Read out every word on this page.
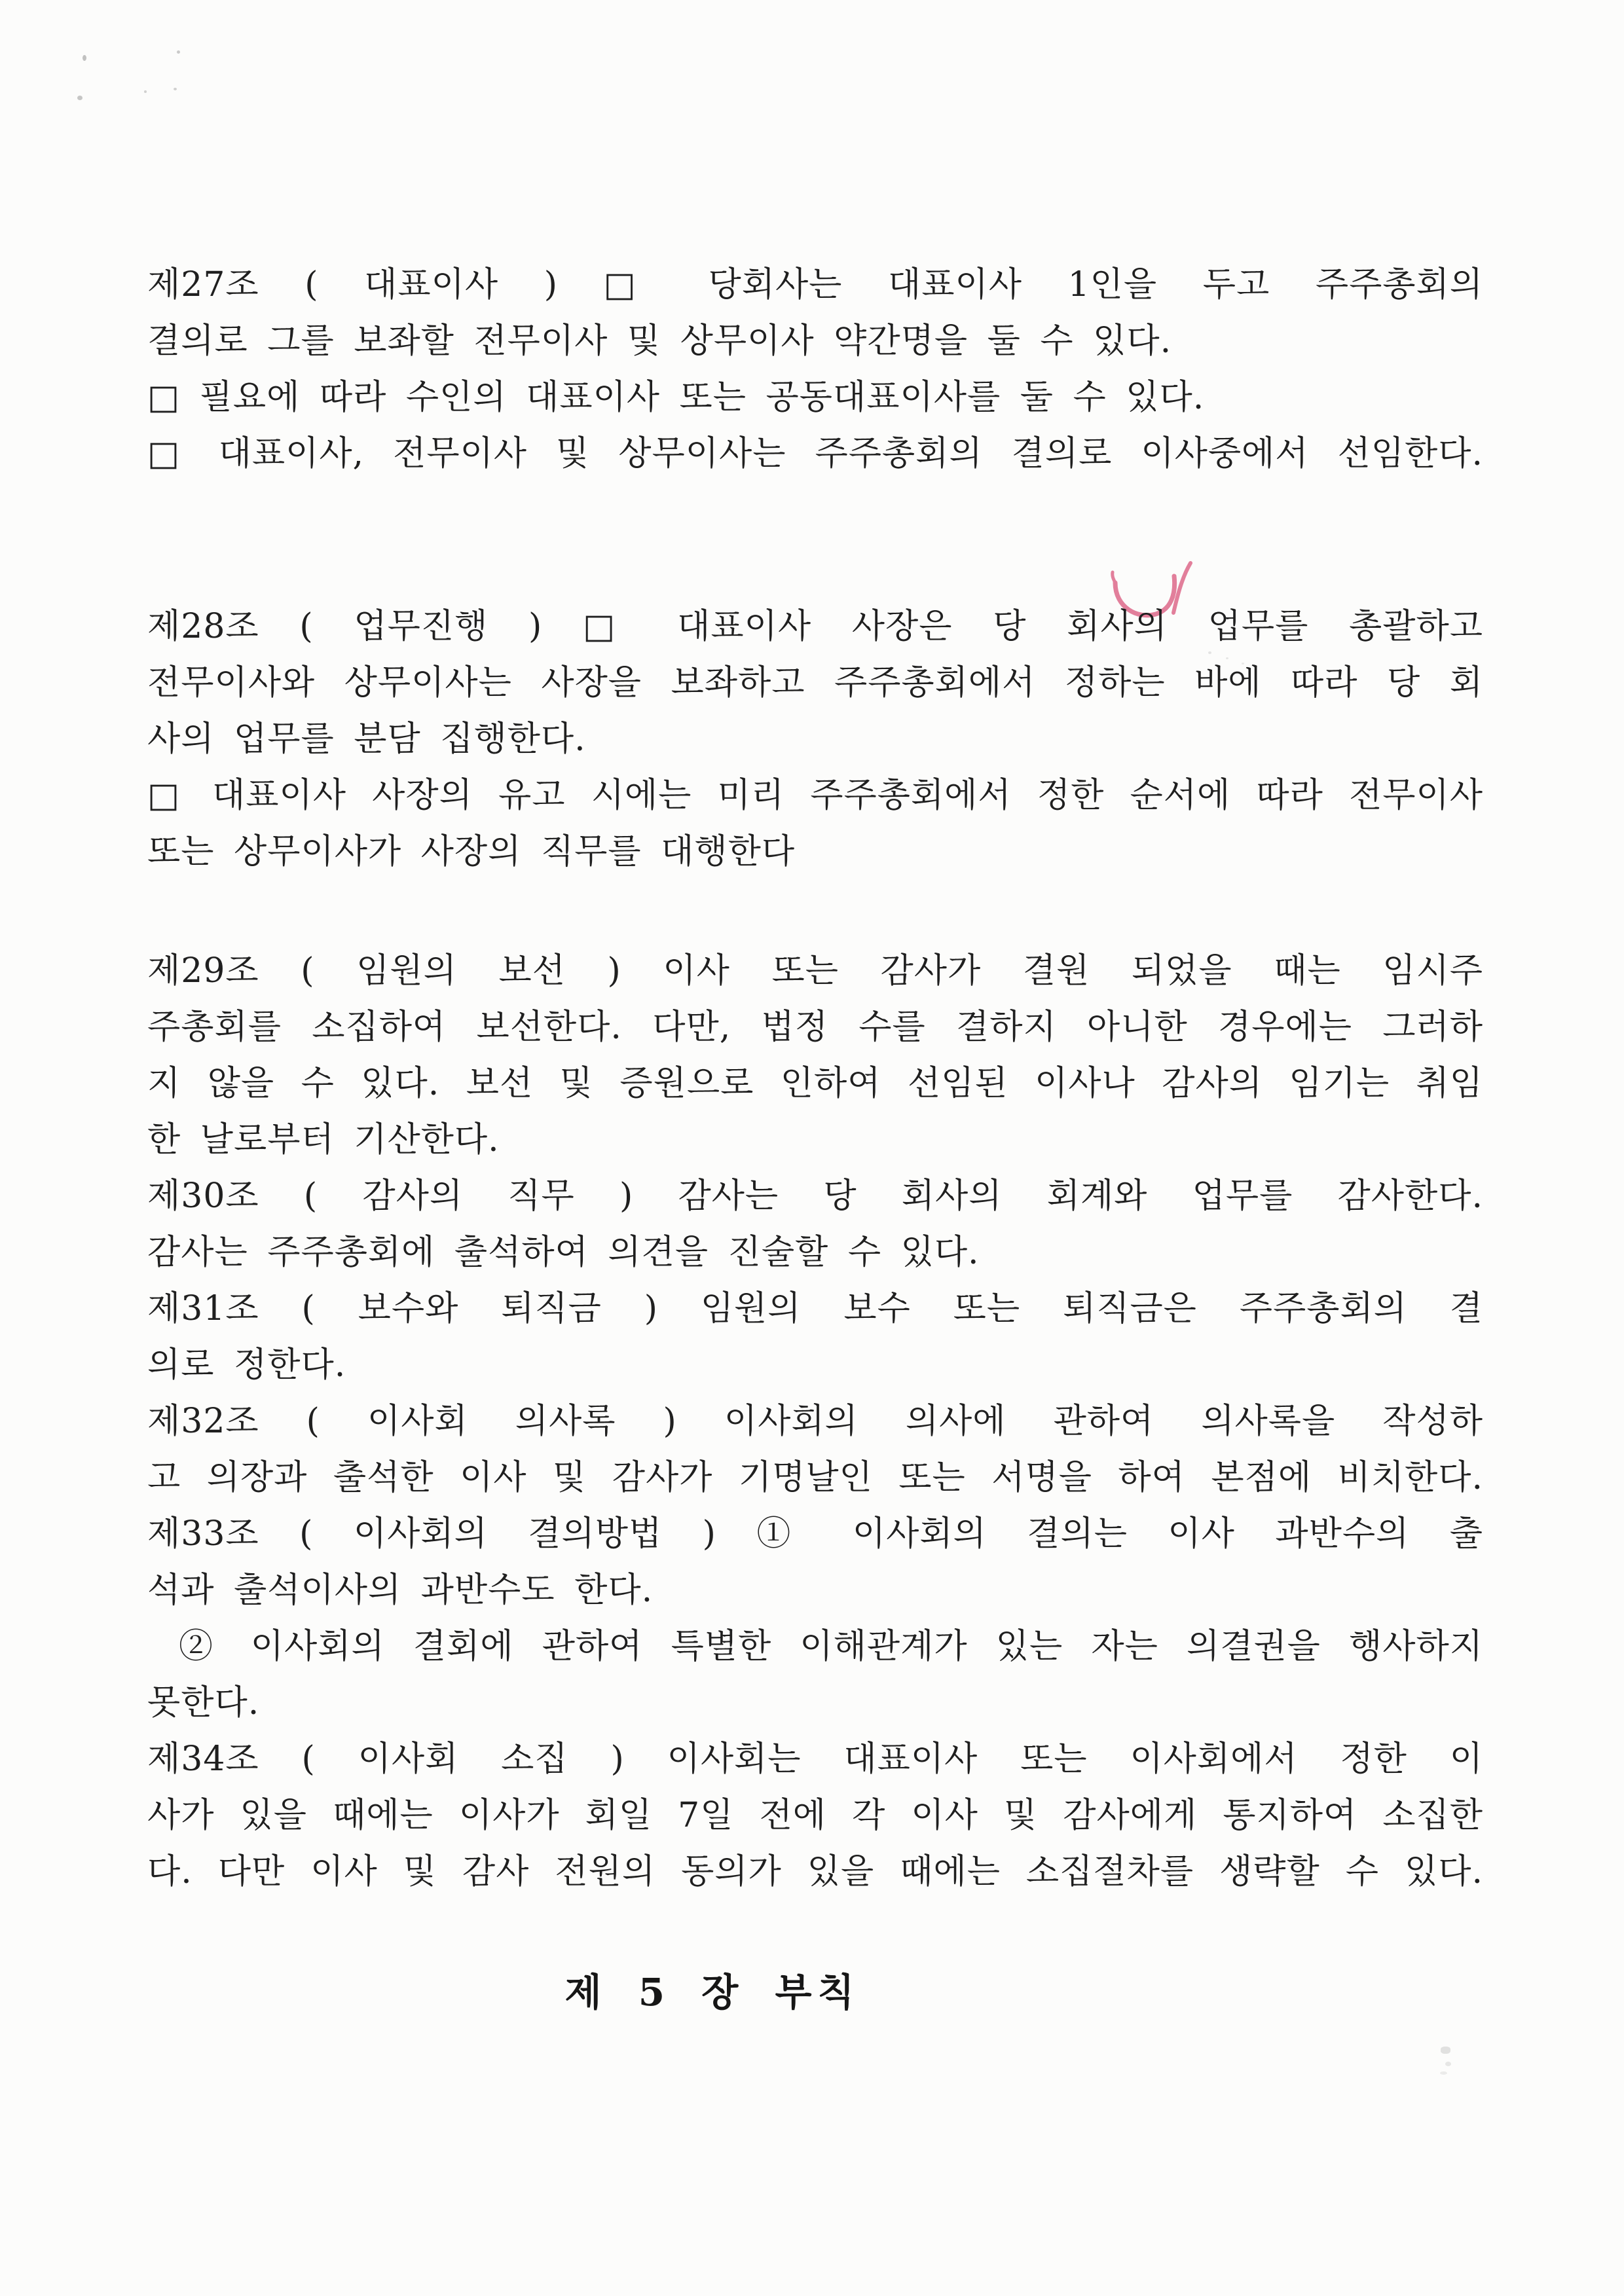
제27조 ( 대표이사 ) □ 당회사는 대표이사 1인을 두고 주주총회의
결의로 그를 보좌할 전무이사 및 상무이사 약간명을 둘 수 있다.
□ 필요에 따라 수인의 대표이사 또는 공동대표이사를 둘 수 있다.
□ 대표이사, 전무이사 및 상무이사는 주주총회의 결의로 이사중에서 선임한다.
제28조 ( 업무진행 ) □ 대표이사 사장은 당 회사의 업무를 총괄하고
전무이사와 상무이사는 사장을 보좌하고 주주총회에서 정하는 바에 따라 당 회
사의 업무를 분담 집행한다.
□ 대표이사 사장의 유고 시에는 미리 주주총회에서 정한 순서에 따라 전무이사
또는 상무이사가 사장의 직무를 대행한다
제29조 ( 임원의 보선 ) 이사 또는 감사가 결원 되었을 때는 임시주
주총회를 소집하여 보선한다. 다만, 법정 수를 결하지 아니한 경우에는 그러하
지 않을 수 있다. 보선 및 증원으로 인하여 선임된 이사나 감사의 임기는 취임
한 날로부터 기산한다.
제30조 ( 감사의 직무 ) 감사는 당 회사의 회계와 업무를 감사한다.
감사는 주주총회에 출석하여 의견을 진술할 수 있다.
제31조 ( 보수와 퇴직금 ) 임원의 보수 또는 퇴직금은 주주총회의 결
의로 정한다.
제32조 ( 이사회 의사록 ) 이사회의 의사에 관하여 의사록을 작성하
고 의장과 출석한 이사 및 감사가 기명날인 또는 서명을 하여 본점에 비치한다.
제33조 ( 이사회의 결의방법 ) ① 이사회의 결의는 이사 과반수의 출
석과 출석이사의 과반수도 한다.
② 이사회의 결회에 관하여 특별한 이해관계가 있는 자는 의결권을 행사하지
못한다.
제34조 ( 이사회 소집 ) 이사회는 대표이사 또는 이사회에서 정한 이
사가 있을 때에는 이사가 회일 7일 전에 각 이사 및 감사에게 통지하여 소집한
다. 다만 이사 및 감사 전원의 동의가 있을 때에는 소집절차를 생략할 수 있다.
제 5 장 부칙
